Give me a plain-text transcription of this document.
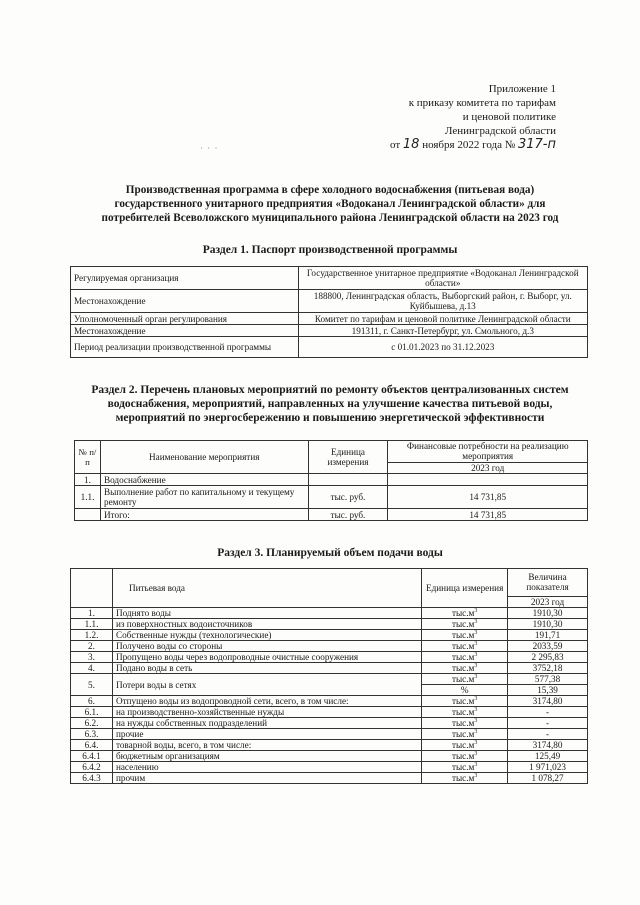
Приложение 1
к приказу комитета по тарифам
и ценовой политике
Ленинградской области
от 18 ноября 2022 года № 317-п
· · ·
Производственная программа в сфере холодного водоснабжения (питьевая вода)
государственного унитарного предприятия «Водоканал Ленинградской области» для
потребителей Всеволожского муниципального района Ленинградской области на 2023 год
Раздел 1. Паспорт производственной программы
Регулируемая организация	Государственное унитарное предприятие «Водоканал Ленинградской области»
Местонахождение	188800, Ленинградская область, Выборгский район, г. Выборг, ул. Куйбышева, д.13
Уполномоченный орган регулирования	Комитет по тарифам и ценовой политике Ленинградской области
Местонахождение	191311, г. Санкт-Петербург, ул. Смольного, д.3
Период реализации производственной программы	с 01.01.2023 по 31.12.2023
Раздел 2. Перечень плановых мероприятий по ремонту объектов централизованных систем
водоснабжения, мероприятий, направленных на улучшение качества питьевой воды,
мероприятий по энергосбережению и повышению энергетической эффективности
№ п/п	Наименование мероприятия	Единица измерения	Финансовые потребности на реализацию мероприятия
			2023 год
1.	Водоснабжение		
1.1.	Выполнение работ по капитальному и текущему ремонту	тыс. руб.	14 731,85
	Итого:	тыс. руб.	14 731,85
Раздел 3. Планируемый объем подачи воды
	Питьевая вода	Единица измерения	Величина показателя
			2023 год
1.	Поднято воды	$тыс.м^3$	1910,30
1.1.	из поверхностных водоисточников	$тыс.м^3$	1910,30
1.2.	Собственные нужды (технологические)	$тыс.м^3$	191,71
2.	Получено воды со стороны	$тыс.м^3$	2033,59
3.	Пропущено воды через водопроводные очистные сооружения	$тыс.м^3$	2 295,83
4.	Подано воды в сеть	$тыс.м^3$	3752,18
5.	Потери воды в сетях	$тыс.м^3$	577,38
		%	15,39
6.	Отпущено воды из водопроводной сети, всего, в том числе:	$тыс.м^3$	3174,80
6.1.	на производственно-хозяйственные нужды	$тыс.м^3$	-
6.2.	на нужды собственных подразделений	$тыс.м^3$	-
6.3.	прочие	$тыс.м^3$	-
6.4.	товарной воды, всего, в том числе:	$тыс.м^3$	3174,80
6.4.1	бюджетным организациям	$тыс.м^3$	125,49
6.4.2	населению	$тыс.м^3$	1 971,023
6.4.3	прочим	$тыс.м^3$	1 078,27
